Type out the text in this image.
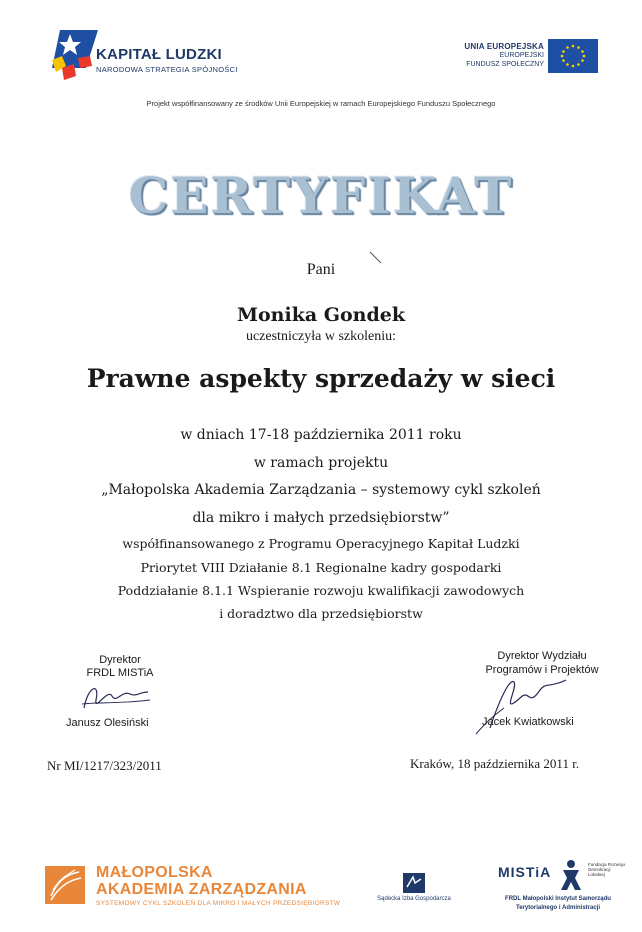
KAPITAŁ LUDZKI
NARODOWA STRATEGIA SPÓJNOŚCI
UNIA EUROPEJSKA
EUROPEJSKI
FUNDUSZ SPOŁECZNY
Projekt współfinansowany ze środków Unii Europejskiej w ramach Europejskiego Funduszu Społecznego
CERTYFIKAT
Pani
Monika Gondek
uczestniczyła w szkoleniu:
Prawne aspekty sprzedaży w sieci
w dniach 17-18 października 2011 roku
w ramach projektu
„Małopolska Akademia Zarządzania – systemowy cykl szkoleń
dla mikro i małych przedsiębiorstw”
współfinansowanego z Programu Operacyjnego Kapitał Ludzki
Priorytet VIII Działanie 8.1 Regionalne kadry gospodarki
Poddziałanie 8.1.1 Wspieranie rozwoju kwalifikacji zawodowych
i doradztwo dla przedsiębiorstw
Dyrektor
FRDL MISTiA
Janusz Olesiński
Dyrektor Wydziału
Programów i Projektów
Jacek Kwiatkowski
Nr MI/1217/323/2011	Kraków, 18 października 2011 r.
MAŁOPOLSKA
AKADEMIA ZARZĄDZANIA
SYSTEMOWY CYKL SZKOLEŃ DLA MIKRO I MAŁYCH PRZEDSIĘBIORSTW
Sądecka Izba Gospodarcza
MISTiA	Fundacja Rozwoju Demokracji Lokalnej
FRDL Małopolski Instytut Samorządu
Terytorialnego i Administracji
